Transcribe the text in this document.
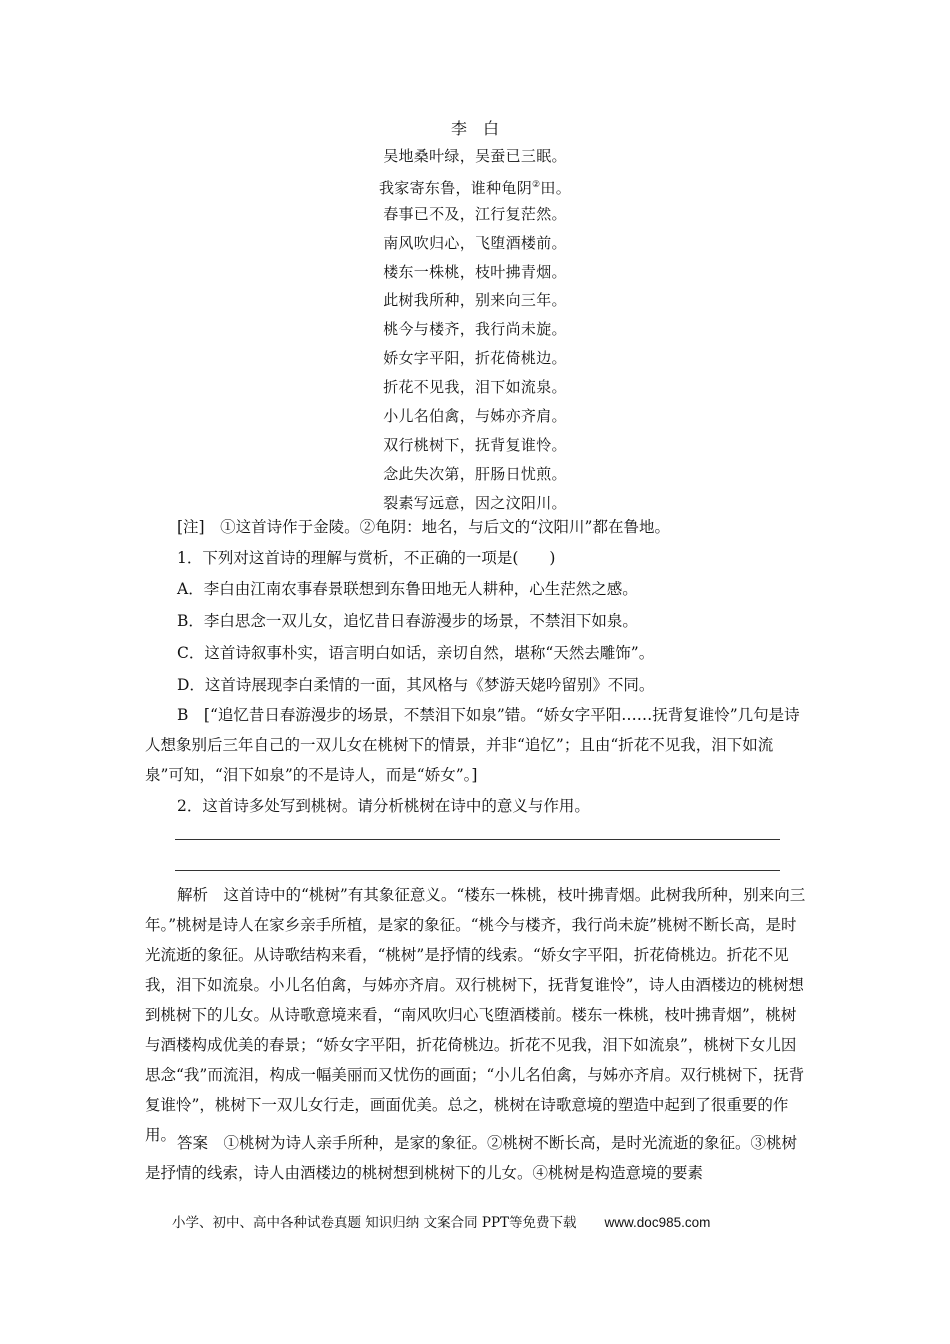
李　白
吴地桑叶绿，吴蚕已三眠。
我家寄东鲁，谁种龟阴②田。
春事已不及，江行复茫然。
南风吹归心，飞堕酒楼前。
楼东一株桃，枝叶拂青烟。
此树我所种，别来向三年。
桃今与楼齐，我行尚未旋。
娇女字平阳，折花倚桃边。
折花不见我，泪下如流泉。
小儿名伯禽，与姊亦齐肩。
双行桃树下，抚背复谁怜。
念此失次第，肝肠日忧煎。
裂素写远意，因之汶阳川。
[注]　①这首诗作于金陵。②龟阴：地名，与后文的“汶阳川”都在鲁地。
1．下列对这首诗的理解与赏析，不正确的一项是(　　)
A．李白由江南农事春景联想到东鲁田地无人耕种，心生茫然之感。
B．李白思念一双儿女，追忆昔日春游漫步的场景，不禁泪下如泉。
C．这首诗叙事朴实，语言明白如话，亲切自然，堪称“天然去雕饰”。
D．这首诗展现李白柔情的一面，其风格与《梦游天姥吟留别》不同。
B　[“追忆昔日春游漫步的场景，不禁泪下如泉”错。“娇女字平阳……抚背复谁怜”几句是诗人想象别后三年自己的一双儿女在桃树下的情景，并非“追忆”；且由“折花不见我，泪下如流泉”可知，“泪下如泉”的不是诗人，而是“娇女”。]
2．这首诗多处写到桃树。请分析桃树在诗中的意义与作用。
解析　这首诗中的“桃树”有其象征意义。“楼东一株桃，枝叶拂青烟。此树我所种，别来向三年。”桃树是诗人在家乡亲手所植，是家的象征。“桃今与楼齐，我行尚未旋”桃树不断长高，是时光流逝的象征。从诗歌结构来看，“桃树”是抒情的线索。“娇女字平阳，折花倚桃边。折花不见我，泪下如流泉。小儿名伯禽，与姊亦齐肩。双行桃树下，抚背复谁怜”，诗人由酒楼边的桃树想到桃树下的儿女。从诗歌意境来看，“南风吹归心飞堕酒楼前。楼东一株桃，枝叶拂青烟”，桃树与酒楼构成优美的春景；“娇女字平阳，折花倚桃边。折花不见我，泪下如流泉”，桃树下女儿因思念“我”而流泪，构成一幅美丽而又忧伤的画面；“小儿名伯禽，与姊亦齐肩。双行桃树下，抚背复谁怜”，桃树下一双儿女行走，画面优美。总之，桃树在诗歌意境的塑造中起到了很重要的作用。 答案　①桃树为诗人亲手所种，是家的象征。②桃树不断长高，是时光流逝的象征。③桃树是抒情的线索，诗人由酒楼边的桃树想到桃树下的儿女。④桃树是构造意境的要素
小学、初中、高中各种试卷真题 知识归纳 文案合同 PPT等免费下载 www.doc985.com
